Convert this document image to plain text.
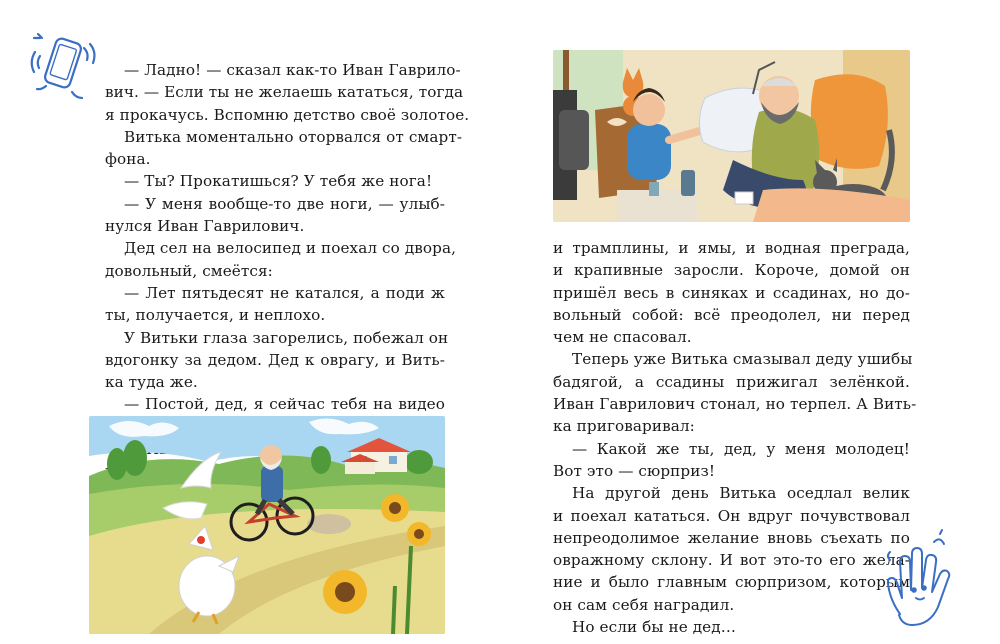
— Ладно! — сказал как-то Иван Гаврило-
вич. — Если ты не желаешь кататься, тогда
я прокачусь. Вспомню детство своё золотое.
Витька моментально оторвался от смарт-
фона.
— Ты? Прокатишься? У тебя же нога!
— У меня вообще-то две ноги, — улыб-
нулся Иван Гаврилович.
Дед сел на велосипед и поехал со двора,
довольный, смеётся:
— Лет пятьдесят не катался, а поди ж
ты, получается, и неплохо.
У Витьки глаза загорелись, побежал он
вдогонку за дедом. Дед к оврагу, и Вить-
ка туда же.
— Постой, дед, я сейчас тебя на видео
и трамплины, и ямы, и водная преграда,
и крапивные заросли. Короче, домой он
пришёл весь в синяках и ссадинах, но до-
вольный собой: всё преодолел, ни перед
чем не спасовал.
Теперь уже Витька смазывал деду ушибы
бадягой, а ссадины прижигал зелёнкой.
Иван Гаврилович стонал, но терпел. А Вить-
ка приговаривал:
— Какой же ты, дед, у меня молодец!
Вот это — сюрприз!
На другой день Витька оседлал велик
и поехал кататься. Он вдруг почувствовал
непреодолимое желание вновь съехать по
овражному склону. И вот это-то его жела-
ние и было главным сюрпризом, которым
он сам себя наградил.
Но если бы не дед…
